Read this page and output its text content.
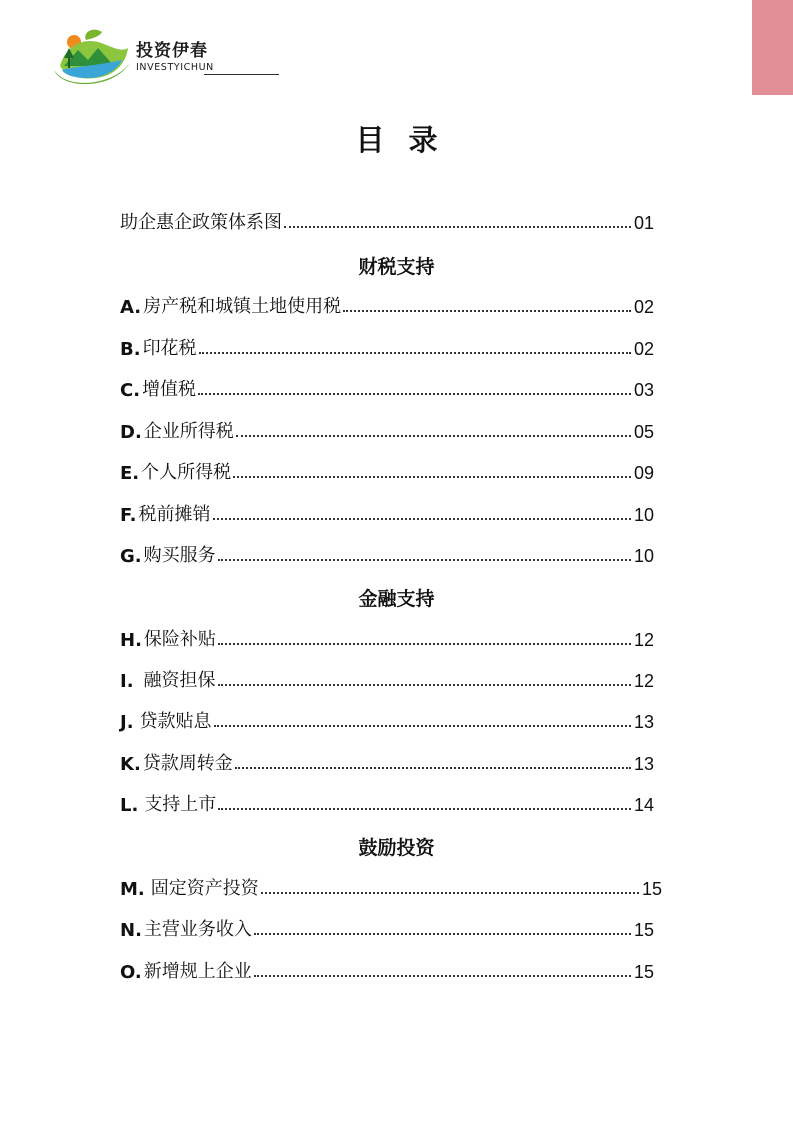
投资伊春
INVESTYICHUN
目录
助企惠企政策体系图	01
财税支持
A. 房产税和城镇土地使用税	02
B. 印花税	02
C. 增值税	03
D. 企业所得税	05
E. 个人所得税	09
F. 税前摊销	10
G. 购买服务	10
金融支持
H. 保险补贴	12
I. 融资担保	12
J. 贷款贴息	13
K. 贷款周转金	13
L. 支持上市	14
鼓励投资
M. 固定资产投资	15
N. 主营业务收入	15
O. 新增规上企业	15
